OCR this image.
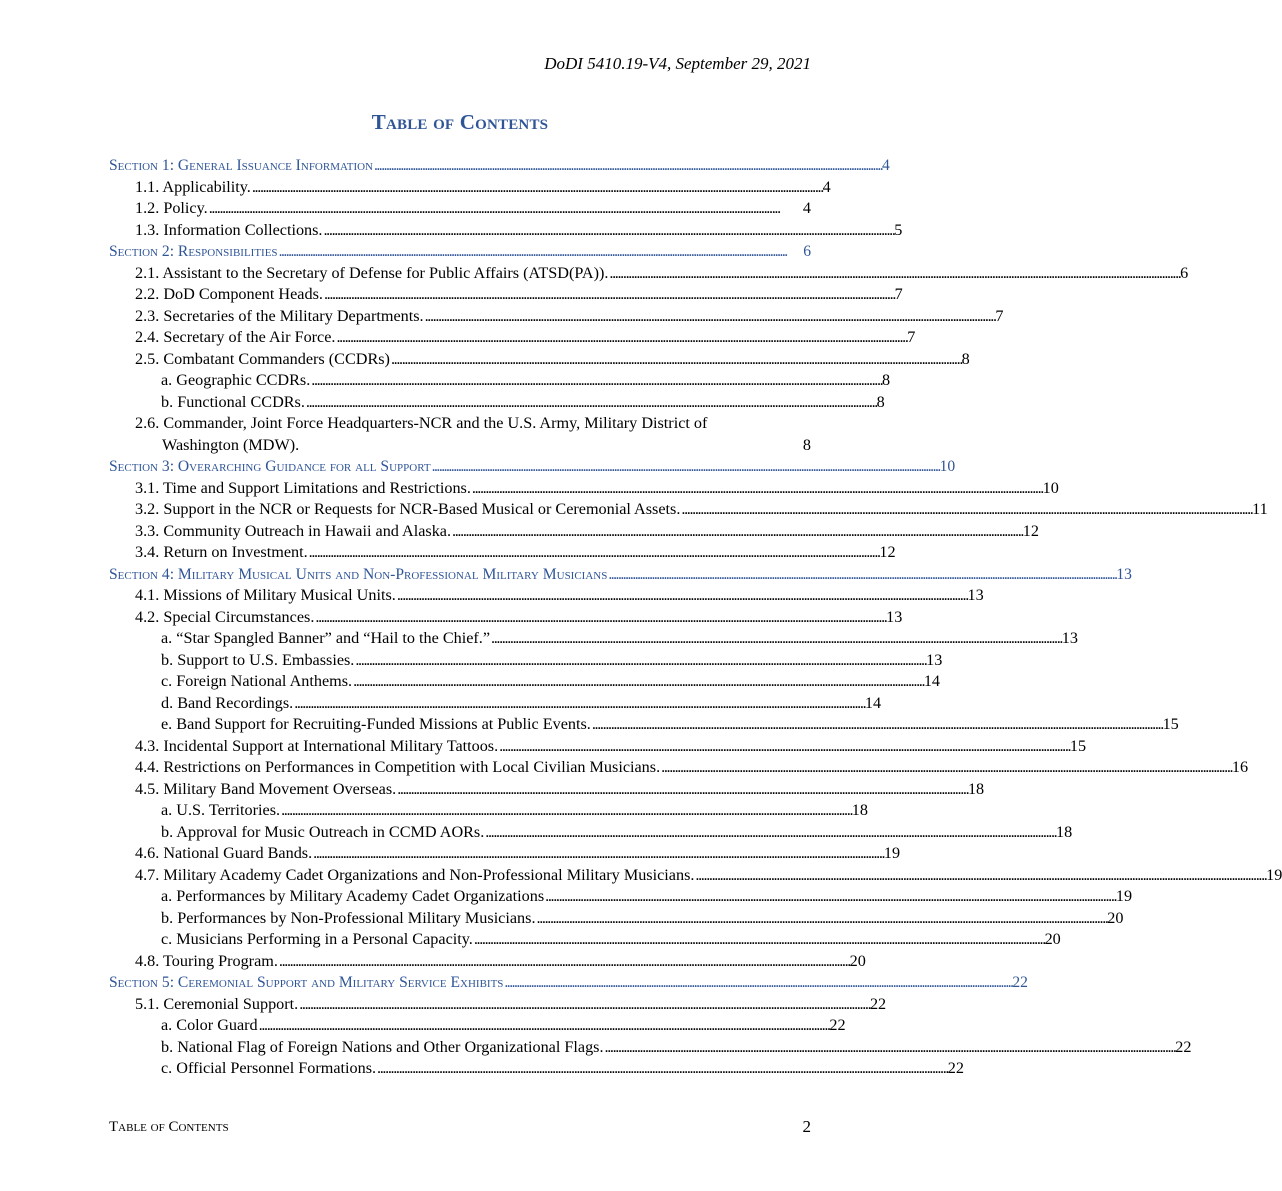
DoDI 5410.19-V4, September 29, 2021
Table of Contents
Section 1: General Issuance Information . . .	4
1.1. Applicability. . . .	4
1.2. Policy. . . .	4
1.3. Information Collections. . . .	5
Section 2: Responsibilities . . .	6
2.1. Assistant to the Secretary of Defense for Public Affairs (ATSD(PA)). . . .	6
2.2. DoD Component Heads. . . .	7
2.3. Secretaries of the Military Departments. . . .	7
2.4. Secretary of the Air Force. . . .	7
2.5. Combatant Commanders (CCDRs) . . .	8
a. Geographic CCDRs. . . .	8
b. Functional CCDRs. . . .	8
2.6. Commander, Joint Force Headquarters-NCR and the U.S. Army, Military District of
Washington (MDW).	8
Section 3: Overarching Guidance for all Support . . .	10
3.1. Time and Support Limitations and Restrictions. . . .	10
3.2. Support in the NCR or Requests for NCR-Based Musical or Ceremonial Assets. . . .	11
3.3. Community Outreach in Hawaii and Alaska. . . .	12
3.4. Return on Investment. . . .	12
Section 4: Military Musical Units and Non-Professional Military Musicians . . .	13
4.1. Missions of Military Musical Units. . . .	13
4.2. Special Circumstances. . . .	13
a. “Star Spangled Banner” and “Hail to the Chief.” . . .	13
b. Support to U.S. Embassies. . . .	13
c. Foreign National Anthems. . . .	14
d. Band Recordings. . . .	14
e. Band Support for Recruiting-Funded Missions at Public Events. . . .	15
4.3. Incidental Support at International Military Tattoos. . . .	15
4.4. Restrictions on Performances in Competition with Local Civilian Musicians. . . .	16
4.5. Military Band Movement Overseas. . . .	18
a. U.S. Territories. . . .	18
b. Approval for Music Outreach in CCMD AORs. . . .	18
4.6. National Guard Bands. . . .	19
4.7. Military Academy Cadet Organizations and Non-Professional Military Musicians. . . .	19
a. Performances by Military Academy Cadet Organizations . . .	19
b. Performances by Non-Professional Military Musicians. . . .	20
c. Musicians Performing in a Personal Capacity. . . .	20
4.8. Touring Program. . . .	20
Section 5: Ceremonial Support and Military Service Exhibits . . .	22
5.1. Ceremonial Support. . . .	22
a. Color Guard . . .	22
b. National Flag of Foreign Nations and Other Organizational Flags. . . .	22
c. Official Personnel Formations. . . .	22
Table of Contents	2
